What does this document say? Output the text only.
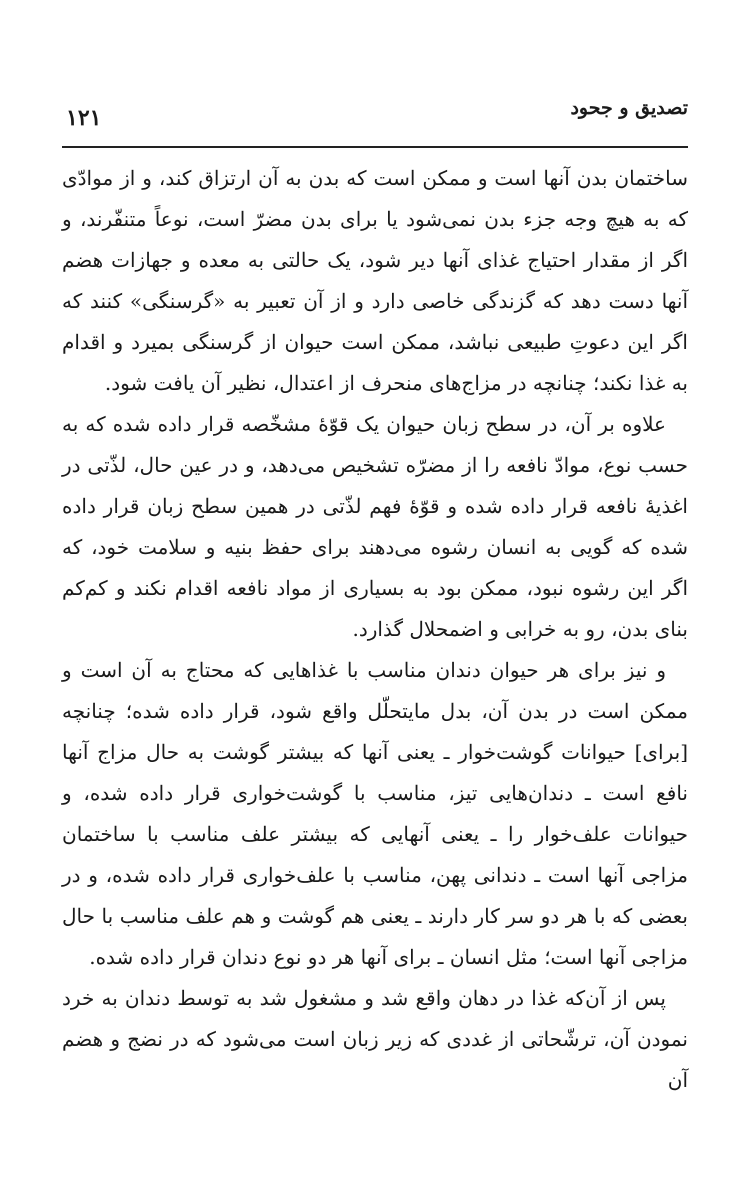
تصدیق و جحود
۱۲۱

ساختمان بدن آنها است و ممکن است که بدن به آن ارتزاق کند، و از موادّی که به هیچ وجه جزء بدن نمی‌شود یا برای بدن مضرّ است، نوعاً متنفّرند، و اگر از مقدار احتیاج غذای آنها دیر شود، یک حالتی به معده و جهازات هضم آنها دست دهد که گزندگی خاصی دارد و از آن تعبیر به «گرسنگی» کنند که اگر این دعوتِ طبیعی نباشد، ممکن است حیوان از گرسنگی بمیرد و اقدام به غذا نکند؛ چنانچه در مزاج‌های منحرف از اعتدال، نظیر آن یافت شود.

علاوه بر آن، در سطح زبان حیوان یک قوّهٔ مشخّصه قرار داده شده که به حسب نوع، موادّ نافعه را از مضرّه تشخیص می‌دهد، و در عین حال، لذّتی در اغذیهٔ نافعه قرار داده شده و قوّهٔ فهم لذّتی در همین سطح زبان قرار داده شده که گویی به انسان رشوه می‌دهند برای حفظ بنیه و سلامت خود، که اگر این رشوه نبود، ممکن بود به بسیاری از مواد نافعه اقدام نکند و کم‌کم بنای بدن، رو به خرابی و اضمحلال گذارد.

و نیز برای هر حیوان دندان مناسب با غذاهایی که محتاج به آن است و ممکن است در بدن آن، بدل مایتحلّل واقع شود، قرار داده شده؛ چنانچه [برای] حیوانات گوشت‌خوار ـ یعنی آنها که بیشتر گوشت به حال مزاج آنها نافع است ـ دندان‌هایی تیز، مناسب با گوشت‌خواری قرار داده شده، و حیوانات علف‌خوار را ـ یعنی آنهایی که بیشتر علف مناسب با ساختمان مزاجی آنها است ـ دندانی پهن، مناسب با علف‌خواری قرار داده شده، و در بعضی که با هر دو سر کار دارند ـ یعنی هم گوشت و هم علف مناسب با حال مزاجی آنها است؛ مثل انسان ـ برای آنها هر دو نوع دندان قرار داده شده.

پس از آن‌که غذا در دهان واقع شد و مشغول شد به توسط دندان به خرد نمودن آن، ترشّحاتی از غددی که زیر زبان است می‌شود که در نضج و هضم آن
